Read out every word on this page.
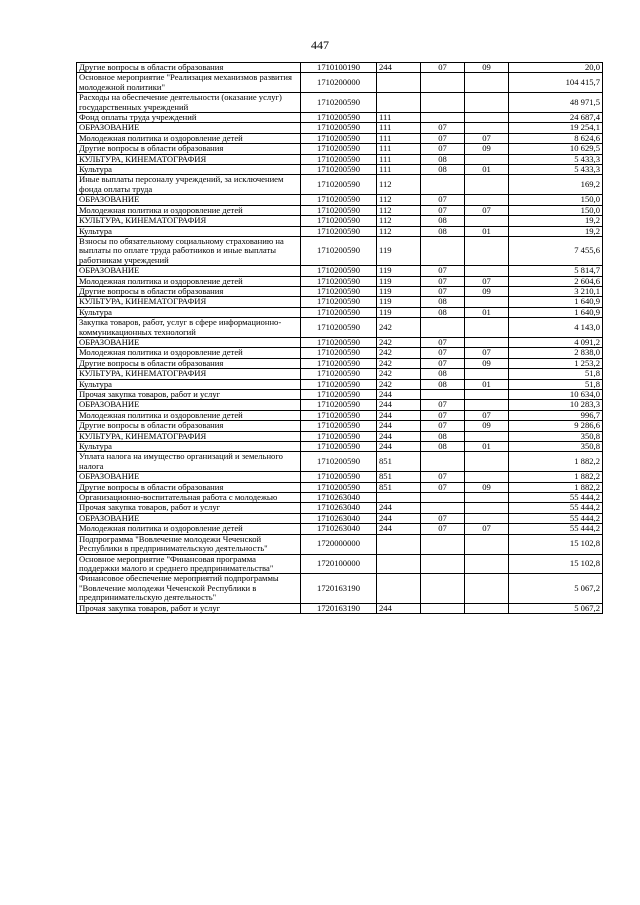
447
Другие вопросы в области образования	1710100190	244	07	09	20,0
Основное мероприятие "Реализация механизмов развития молодежной политики"	1710200000				104 415,7
Расходы на обеспечение деятельности (оказание услуг) государственных учреждений	1710200590				48 971,5
Фонд оплаты труда учреждений	1710200590	111			24 687,4
ОБРАЗОВАНИЕ	1710200590	111	07		19 254,1
Молодежная политика и оздоровление детей	1710200590	111	07	07	8 624,6
Другие вопросы в области образования	1710200590	111	07	09	10 629,5
КУЛЬТУРА, КИНЕМАТОГРАФИЯ	1710200590	111	08		5 433,3
Культура	1710200590	111	08	01	5 433,3
Иные выплаты персоналу учреждений, за исключением фонда оплаты труда	1710200590	112			169,2
ОБРАЗОВАНИЕ	1710200590	112	07		150,0
Молодежная политика и оздоровление детей	1710200590	112	07	07	150,0
КУЛЬТУРА, КИНЕМАТОГРАФИЯ	1710200590	112	08		19,2
Культура	1710200590	112	08	01	19,2
Взносы по обязательному социальному страхованию на выплаты по оплате труда работников и иные выплаты работникам учреждений	1710200590	119			7 455,6
ОБРАЗОВАНИЕ	1710200590	119	07		5 814,7
Молодежная политика и оздоровление детей	1710200590	119	07	07	2 604,6
Другие вопросы в области образования	1710200590	119	07	09	3 210,1
КУЛЬТУРА, КИНЕМАТОГРАФИЯ	1710200590	119	08		1 640,9
Культура	1710200590	119	08	01	1 640,9
Закупка товаров, работ, услуг в сфере информационно-коммуникационных технологий	1710200590	242			4 143,0
ОБРАЗОВАНИЕ	1710200590	242	07		4 091,2
Молодежная политика и оздоровление детей	1710200590	242	07	07	2 838,0
Другие вопросы в области образования	1710200590	242	07	09	1 253,2
КУЛЬТУРА, КИНЕМАТОГРАФИЯ	1710200590	242	08		51,8
Культура	1710200590	242	08	01	51,8
Прочая закупка товаров, работ и услуг	1710200590	244			10 634,0
ОБРАЗОВАНИЕ	1710200590	244	07		10 283,3
Молодежная политика и оздоровление детей	1710200590	244	07	07	996,7
Другие вопросы в области образования	1710200590	244	07	09	9 286,6
КУЛЬТУРА, КИНЕМАТОГРАФИЯ	1710200590	244	08		350,8
Культура	1710200590	244	08	01	350,8
Уплата налога на имущество организаций и земельного налога	1710200590	851			1 882,2
ОБРАЗОВАНИЕ	1710200590	851	07		1 882,2
Другие вопросы в области образования	1710200590	851	07	09	1 882,2
Организационно-воспитательная работа с молодежью	1710263040				55 444,2
Прочая закупка товаров, работ и услуг	1710263040	244			55 444,2
ОБРАЗОВАНИЕ	1710263040	244	07		55 444,2
Молодежная политика и оздоровление детей	1710263040	244	07	07	55 444,2
Подпрограмма "Вовлечение молодежи Чеченской Республики в предпринимательскую деятельность"	1720000000				15 102,8
Основное мероприятие "Финансовая программа поддержки малого и среднего предпринимательства"	1720100000				15 102,8
Финансовое обеспечение мероприятий подпрограммы "Вовлечение молодежи Чеченской Республики в предпринимательскую деятельность"	1720163190				5 067,2
Прочая закупка товаров, работ и услуг	1720163190	244			5 067,2
